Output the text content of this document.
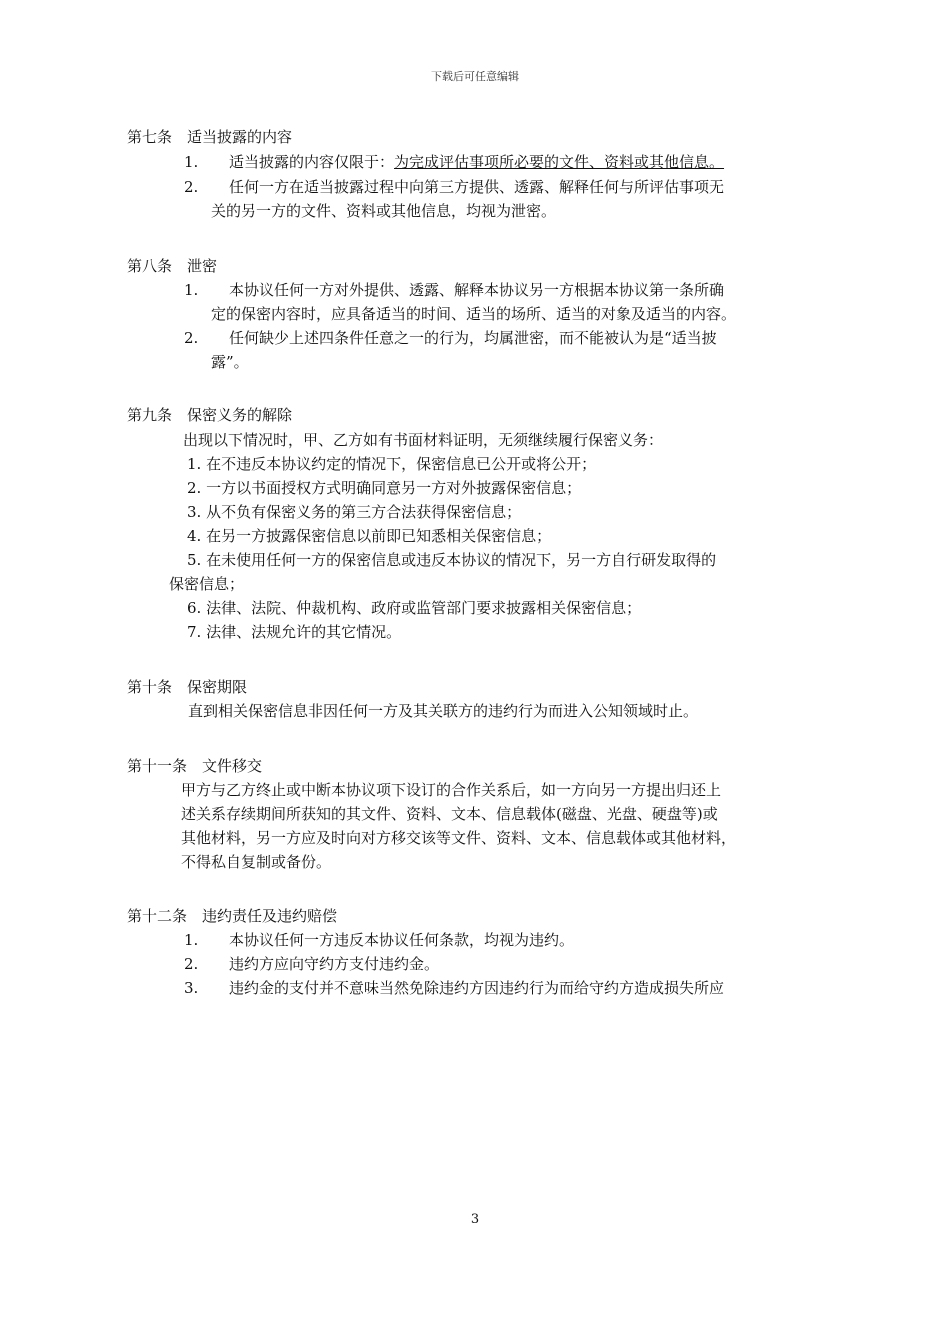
下载后可任意编辑
第七条　适当披露的内容
1. 适当披露的内容仅限于：为完成评估事项所必要的文件、资料或其他信息。
2. 任何一方在适当披露过程中向第三方提供、透露、解释任何与所评估事项无
关的另一方的文件、资料或其他信息，均视为泄密。
第八条　泄密
1. 本协议任何一方对外提供、透露、解释本协议另一方根据本协议第一条所确
定的保密内容时，应具备适当的时间、适当的场所、适当的对象及适当的内容。
2. 任何缺少上述四条件任意之一的行为，均属泄密，而不能被认为是“适当披
露”。
第九条　保密义务的解除
出现以下情况时，甲、乙方如有书面材料证明，无须继续履行保密义务：
1. 在不违反本协议约定的情况下，保密信息已公开或将公开；
2. 一方以书面授权方式明确同意另一方对外披露保密信息；
3. 从不负有保密义务的第三方合法获得保密信息；
4. 在另一方披露保密信息以前即已知悉相关保密信息；
5. 在未使用任何一方的保密信息或违反本协议的情况下，另一方自行研发取得的
保密信息；
6. 法律、法院、仲裁机构、政府或监管部门要求披露相关保密信息；
7. 法律、法规允许的其它情况。
第十条　保密期限
直到相关保密信息非因任何一方及其关联方的违约行为而进入公知领域时止。
第十一条　文件移交
甲方与乙方终止或中断本协议项下设订的合作关系后，如一方向另一方提出归还上
述关系存续期间所获知的其文件、资料、文本、信息载体(磁盘、光盘、硬盘等)或
其他材料，另一方应及时向对方移交该等文件、资料、文本、信息载体或其他材料，
不得私自复制或备份。
第十二条　违约责任及违约赔偿
1. 本协议任何一方违反本协议任何条款，均视为违约。
2. 违约方应向守约方支付违约金。
3. 违约金的支付并不意味当然免除违约方因违约行为而给守约方造成损失所应
3
